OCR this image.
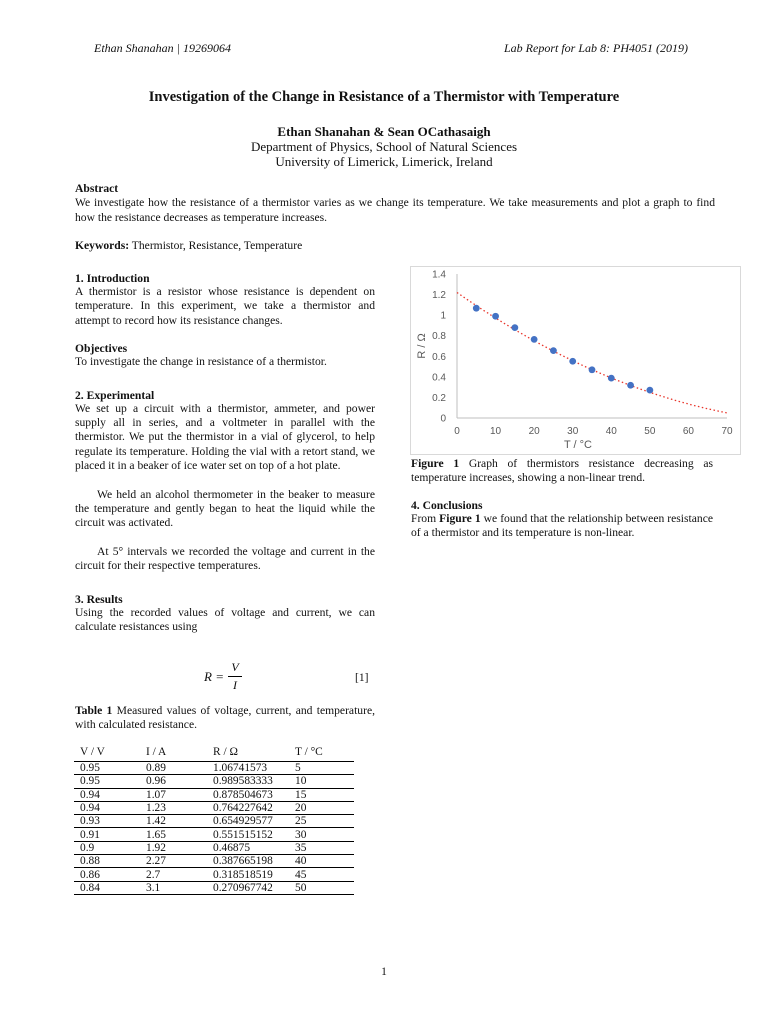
Ethan Shanahan | 19269064	Lab Report for Lab 8: PH4051 (2019)
Investigation of the Change in Resistance of a Thermistor with Temperature
Ethan Shanahan & Sean OCathasaigh
Department of Physics, School of Natural Sciences
University of Limerick, Limerick, Ireland
Abstract
We investigate how the resistance of a thermistor varies as we change its temperature. We take measurements and plot a graph to find how the resistance decreases as temperature increases.
Keywords: Thermistor, Resistance, Temperature
1. Introduction
A thermistor is a resistor whose resistance is dependent on temperature. In this experiment, we take a thermistor and attempt to record how its resistance changes.
Objectives
To investigate the change in resistance of a thermistor.
2. Experimental
We set up a circuit with a thermistor, ammeter, and power supply all in series, and a voltmeter in parallel with the thermistor. We put the thermistor in a vial of glycerol, to help regulate its temperature. Holding the vial with a retort stand, we placed it in a beaker of ice water set on top of a hot plate.
We held an alcohol thermometer in the beaker to measure the temperature and gently began to heat the liquid while the circuit was activated.
At 5° intervals we recorded the voltage and current in the circuit for their respective temperatures.
3. Results
Using the recorded values of voltage and current, we can calculate resistances using
R =
V
I
[1]
Table 1 Measured values of voltage, current, and temperature, with calculated resistance.
V / V	I / A	R / Ω	T / °C
0.95	0.89	1.06741573	5
0.95	0.96	0.989583333	10
0.94	1.07	0.878504673	15
0.94	1.23	0.764227642	20
0.93	1.42	0.654929577	25
0.91	1.65	0.551515152	30
0.9	1.92	0.46875	35
0.88	2.27	0.387665198	40
0.86	2.7	0.318518519	45
0.84	3.1	0.270967742	50
0
0.2
0.4
0.6
0.8
1
1.2
1.4
0	10	20	30	40	50	60	70
T / °C
R / Ω
Figure 1 Graph of thermistors resistance decreasing as temperature increases, showing a non-linear trend.
4. Conclusions
From Figure 1 we found that the relationship between resistance of a thermistor and its temperature is non-linear.
1
